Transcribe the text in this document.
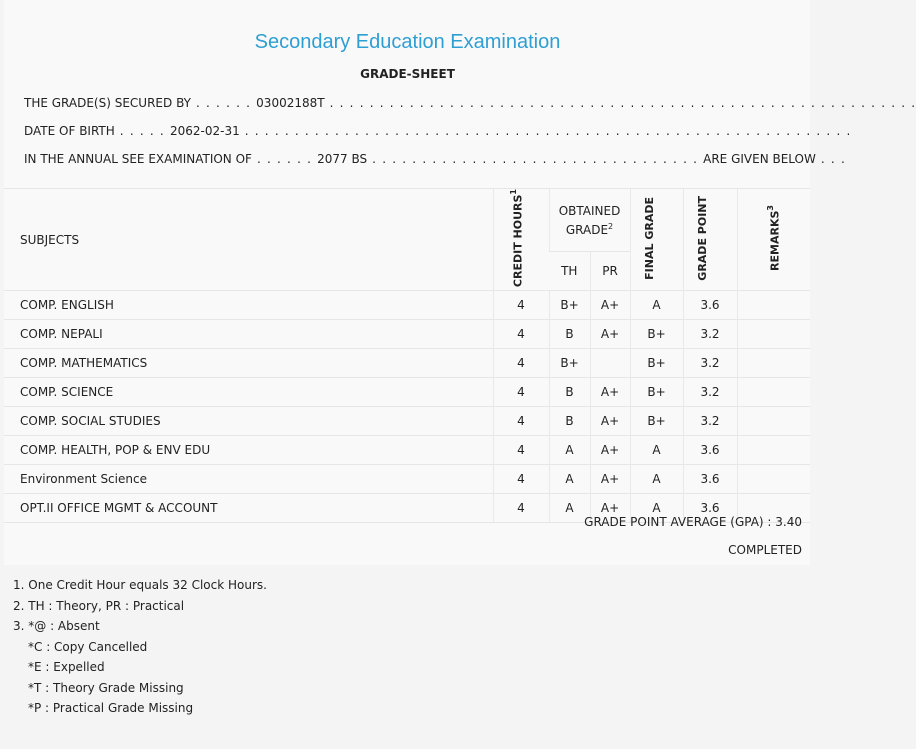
Secondary Education Examination
GRADE-SHEET
THE GRADE(S) SECURED BY . . . . . . 03002188T . . . . . . . . . . . . . . . . . . . . . . . . . . . . . . . . . . . . . . . . . . . . . . . . . . . . . . . . . . .
DATE OF BIRTH . . . . . 2062-02-31 . . . . . . . . . . . . . . . . . . . . . . . . . . . . . . . . . . . . . . . . . . . . . . . . . . . . . . . . . . . . .
IN THE ANNUAL SEE EXAMINATION OF . . . . . . 2077 BS . . . . . . . . . . . . . . . . . . . . . . . . . . . . . . . . . ARE GIVEN BELOW . . .
SUBJECTS	CREDIT HOURS$^1$	OBTAINED GRADE$^2$		FINAL GRADE	GRADE POINT	REMARKS$^3$
		TH	PR			
COMP. ENGLISH	4	B+	A+	A	3.6	
COMP. NEPALI	4	B	A+	B+	3.2	
COMP. MATHEMATICS	4	B+		B+	3.2	
COMP. SCIENCE	4	B	A+	B+	3.2	
COMP. SOCIAL STUDIES	4	B	A+	B+	3.2	
COMP. HEALTH, POP & ENV EDU	4	A	A+	A	3.6	
Environment Science	4	A	A+	A	3.6	
OPT.II OFFICE MGMT & ACCOUNT	4	A	A+	A	3.6	
GRADE POINT AVERAGE (GPA) : 3.40
COMPLETED
1. One Credit Hour equals 32 Clock Hours.
2. TH : Theory, PR : Practical
3. *@ : Absent
*C : Copy Cancelled
*E : Expelled
*T : Theory Grade Missing
*P : Practical Grade Missing
